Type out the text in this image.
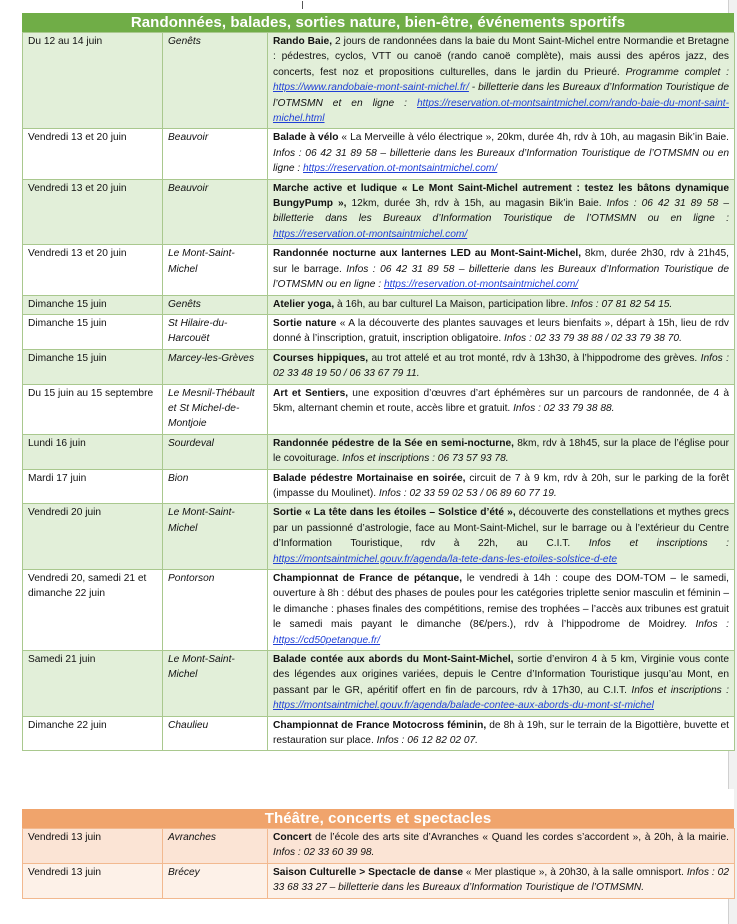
Randonnées, balades, sorties nature, bien-être, événements sportifs
Du 12 au 14 juin	Genêts	Rando Baie, 2 jours de randonnées dans la baie du Mont Saint-Michel entre Normandie et Bretagne : pédestres, cyclos, VTT ou canoë (rando canoë complète), mais aussi des apéros jazz, des concerts, fest noz et propositions culturelles, dans le jardin du Prieuré. Programme complet : https://www.randobaie-mont-saint-michel.fr/ - billetterie dans les Bureaux d’Information Touristique de l’OTMSMN et en ligne : https://reservation.ot-montsaintmichel.com/rando-baie-du-mont-saint-michel.html
Vendredi 13 et 20 juin	Beauvoir	Balade à vélo « La Merveille à vélo électrique », 20km, durée 4h, rdv à 10h, au magasin Bik’in Baie. Infos : 06 42 31 89 58 – billetterie dans les Bureaux d’Information Touristique de l’OTMSMN ou en ligne : https://reservation.ot-montsaintmichel.com/
Vendredi 13 et 20 juin	Beauvoir	Marche active et ludique « Le Mont Saint-Michel autrement : testez les bâtons dynamique BungyPump », 12km, durée 3h, rdv à 15h, au magasin Bik’in Baie. Infos : 06 42 31 89 58 – billetterie dans les Bureaux d’Information Touristique de l’OTMSMN ou en ligne : https://reservation.ot-montsaintmichel.com/
Vendredi 13 et 20 juin	Le Mont-Saint-Michel	Randonnée nocturne aux lanternes LED au Mont-Saint-Michel, 8km, durée 2h30, rdv à 21h45, sur le barrage. Infos : 06 42 31 89 58 – billetterie dans les Bureaux d’Information Touristique de l’OTMSMN ou en ligne : https://reservation.ot-montsaintmichel.com/
Dimanche 15 juin	Genêts	Atelier yoga, à 16h, au bar culturel La Maison, participation libre. Infos : 07 81 82 54 15.
Dimanche 15 juin	St Hilaire-du-Harcouët	Sortie nature « A la découverte des plantes sauvages et leurs bienfaits », départ à 15h, lieu de rdv donné à l’inscription, gratuit, inscription obligatoire. Infos : 02 33 79 38 88 / 02 33 79 38 70.
Dimanche 15 juin	Marcey-les-Grèves	Courses hippiques, au trot attelé et au trot monté, rdv à 13h30, à l’hippodrome des grèves. Infos : 02 33 48 19 50 / 06 33 67 79 11.
Du 15 juin au 15 septembre	Le Mesnil-Thébault et St Michel-de-Montjoie	Art et Sentiers, une exposition d’œuvres d’art éphémères sur un parcours de randonnée, de 4 à 5km, alternant chemin et route, accès libre et gratuit. Infos : 02 33 79 38 88.
Lundi 16 juin	Sourdeval	Randonnée pédestre de la Sée en semi-nocturne, 8km, rdv à 18h45, sur la place de l’église pour le covoiturage. Infos et inscriptions : 06 73 57 93 78.
Mardi 17 juin	Bion	Balade pédestre Mortainaise en soirée, circuit de 7 à 9 km, rdv à 20h, sur le parking de la forêt (impasse du Moulinet). Infos : 02 33 59 02 53 / 06 89 60 77 19.
Vendredi 20 juin	Le Mont-Saint-Michel	Sortie « La tête dans les étoiles – Solstice d’été », découverte des constellations et mythes grecs par un passionné d’astrologie, face au Mont-Saint-Michel, sur le barrage ou à l’extérieur du Centre d’Information Touristique, rdv à 22h, au C.I.T. Infos et inscriptions : https://montsaintmichel.gouv.fr/agenda/la-tete-dans-les-etoiles-solstice-d-ete
Vendredi 20, samedi 21 et dimanche 22 juin	Pontorson	Championnat de France de pétanque, le vendredi à 14h : coupe des DOM-TOM – le samedi, ouverture à 8h : début des phases de poules pour les catégories triplette senior masculin et féminin – le dimanche : phases finales des compétitions, remise des trophées – l’accès aux tribunes est gratuit le samedi mais payant le dimanche (8€/pers.), rdv à l’hippodrome de Moidrey. Infos : https://cd50petanque.fr/
Samedi 21 juin	Le Mont-Saint-Michel	Balade contée aux abords du Mont-Saint-Michel, sortie d’environ 4 à 5 km, Virginie vous conte des légendes aux origines variées, depuis le Centre d’Information Touristique jusqu’au Mont, en passant par le GR, apéritif offert en fin de parcours, rdv à 17h30, au C.I.T. Infos et inscriptions : https://montsaintmichel.gouv.fr/agenda/balade-contee-aux-abords-du-mont-st-michel
Dimanche 22 juin	Chaulieu	Championnat de France Motocross féminin, de 8h à 19h, sur le terrain de la Bigottière, buvette et restauration sur place. Infos : 06 12 82 02 07.
Théâtre, concerts et spectacles
Vendredi 13 juin	Avranches	Concert de l’école des arts site d’Avranches « Quand les cordes s’accordent », à 20h, à la mairie. Infos : 02 33 60 39 98.
Vendredi 13 juin	Brécey	Saison Culturelle > Spectacle de danse « Mer plastique », à 20h30, à la salle omnisport. Infos : 02 33 68 33 27 – billetterie dans les Bureaux d’Information Touristique de l’OTMSMN.
